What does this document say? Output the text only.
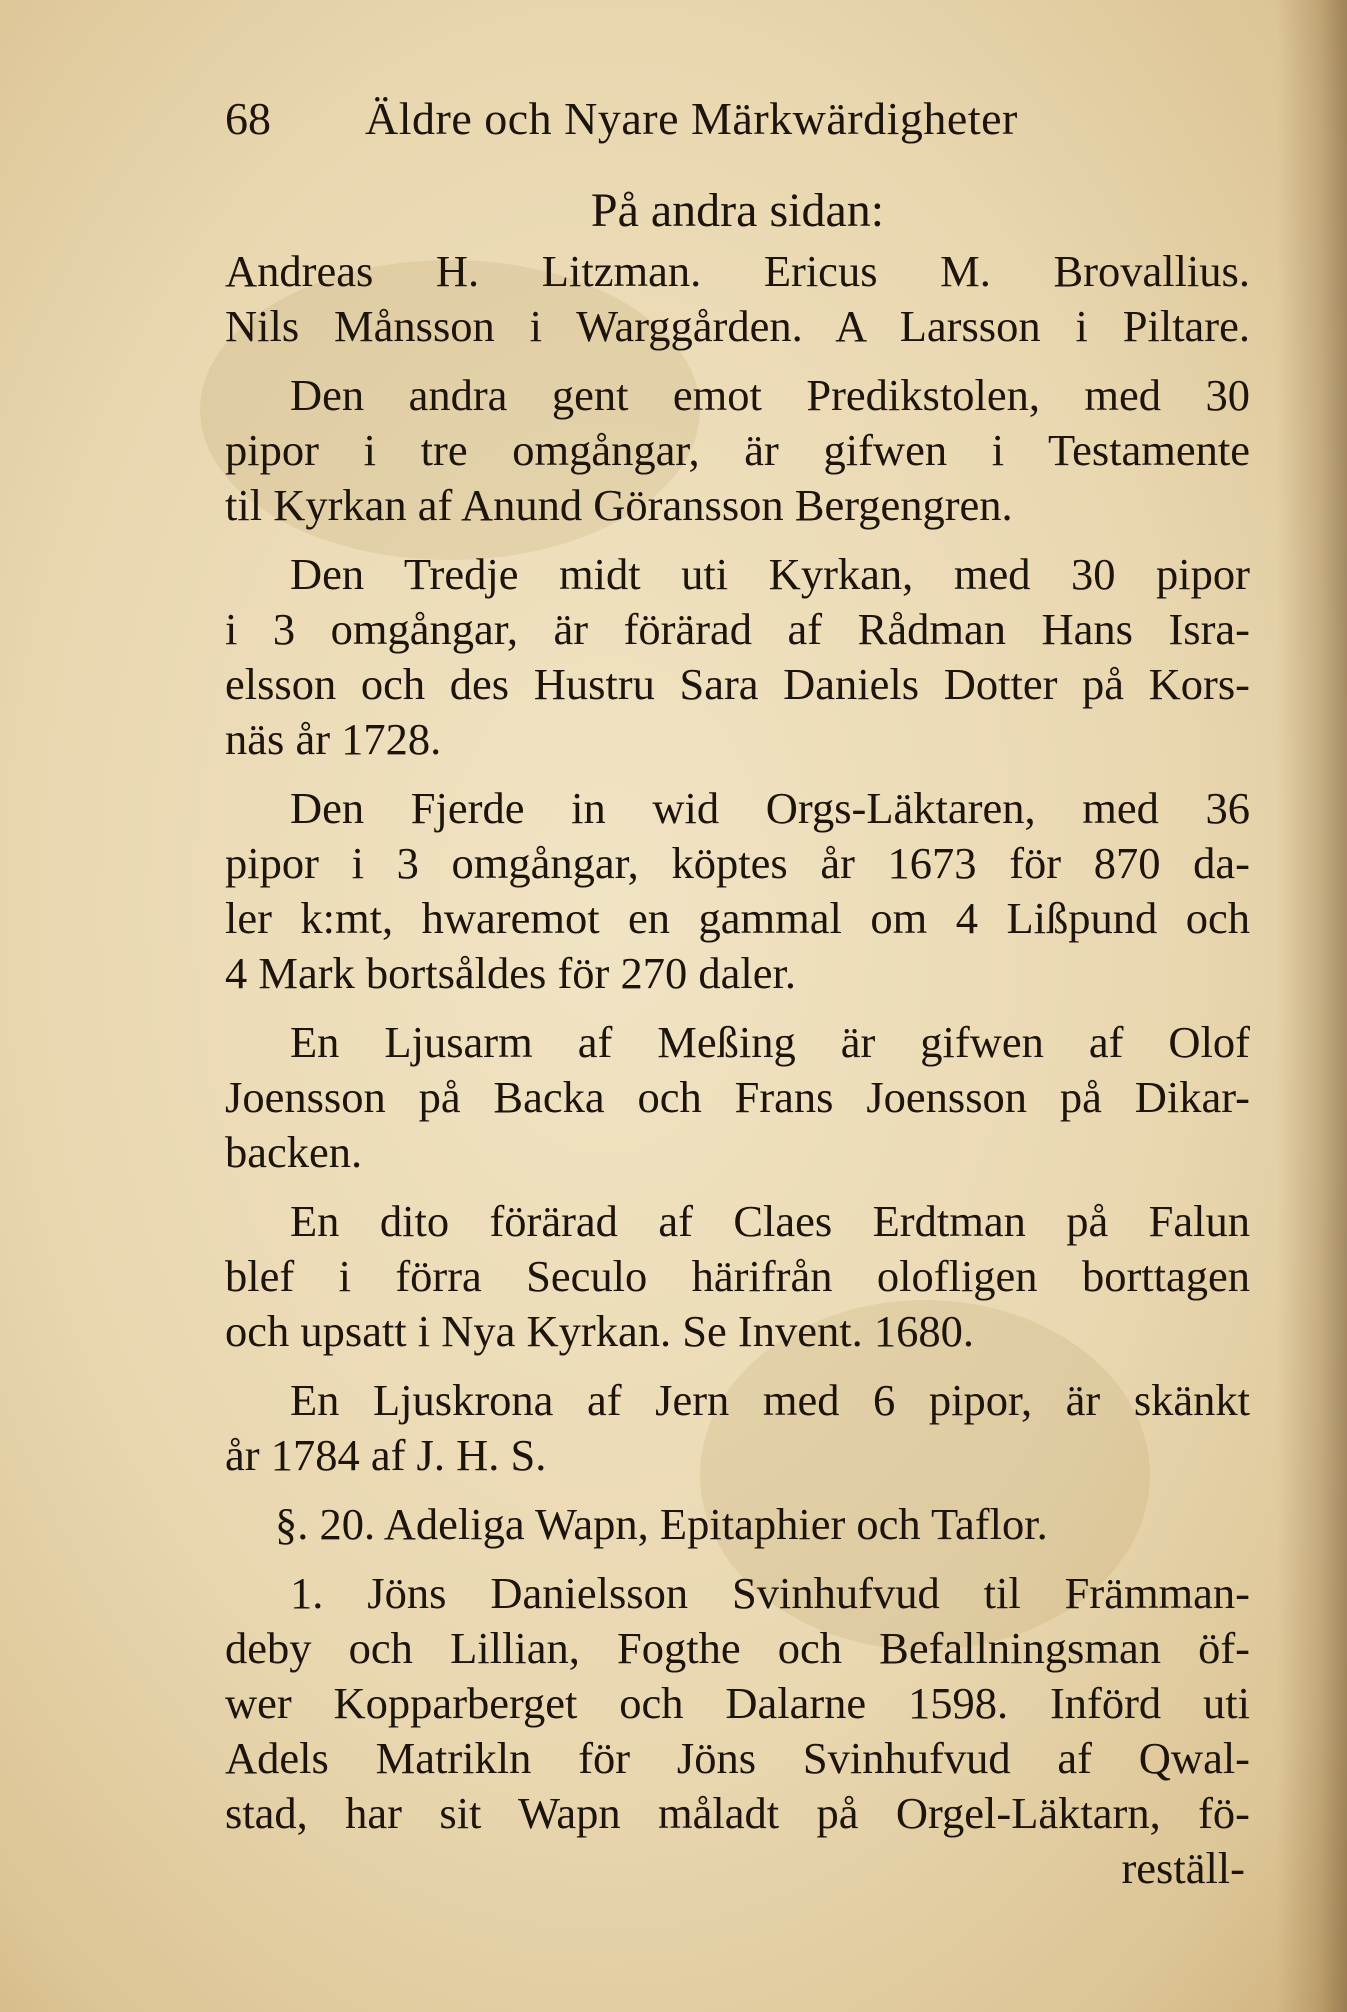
68 Äldre och Nyare Märkwärdigheter
På andra sidan:
Andreas H. Litzman. Ericus M. Brovallius.
Nils Månsson i Warggården. A Larsson i Piltare.
Den andra gent emot Predikstolen, med 30
pipor i tre omgångar, är gifwen i Testamente
til Kyrkan af Anund Göransson Bergengren.
Den Tredje midt uti Kyrkan, med 30 pipor
i 3 omgångar, är förärad af Rådman Hans Isra-
elsson och des Hustru Sara Daniels Dotter på Kors-
näs år 1728.
Den Fjerde in wid Orgs-Läktaren, med 36
pipor i 3 omgångar, köptes år 1673 för 870 da-
ler k:mt, hwaremot en gammal om 4 Lißpund och
4 Mark bortsåldes för 270 daler.
En Ljusarm af Meßing är gifwen af Olof
Joensson på Backa och Frans Joensson på Dikar-
backen.
En dito förärad af Claes Erdtman på Falun
blef i förra Seculo härifrån olofligen borttagen
och upsatt i Nya Kyrkan. Se Invent. 1680.
En Ljuskrona af Jern med 6 pipor, är skänkt
år 1784 af J. H. S.
§. 20. Adeliga Wapn, Epitaphier och Taflor.
1. Jöns Danielsson Svinhufvud til Främman-
deby och Lillian, Fogthe och Befallningsman öf-
wer Kopparberget och Dalarne 1598. Införd uti
Adels Matrikln för Jöns Svinhufvud af Qwal-
stad, har sit Wapn måladt på Orgel-Läktarn, fö-
reställ-
